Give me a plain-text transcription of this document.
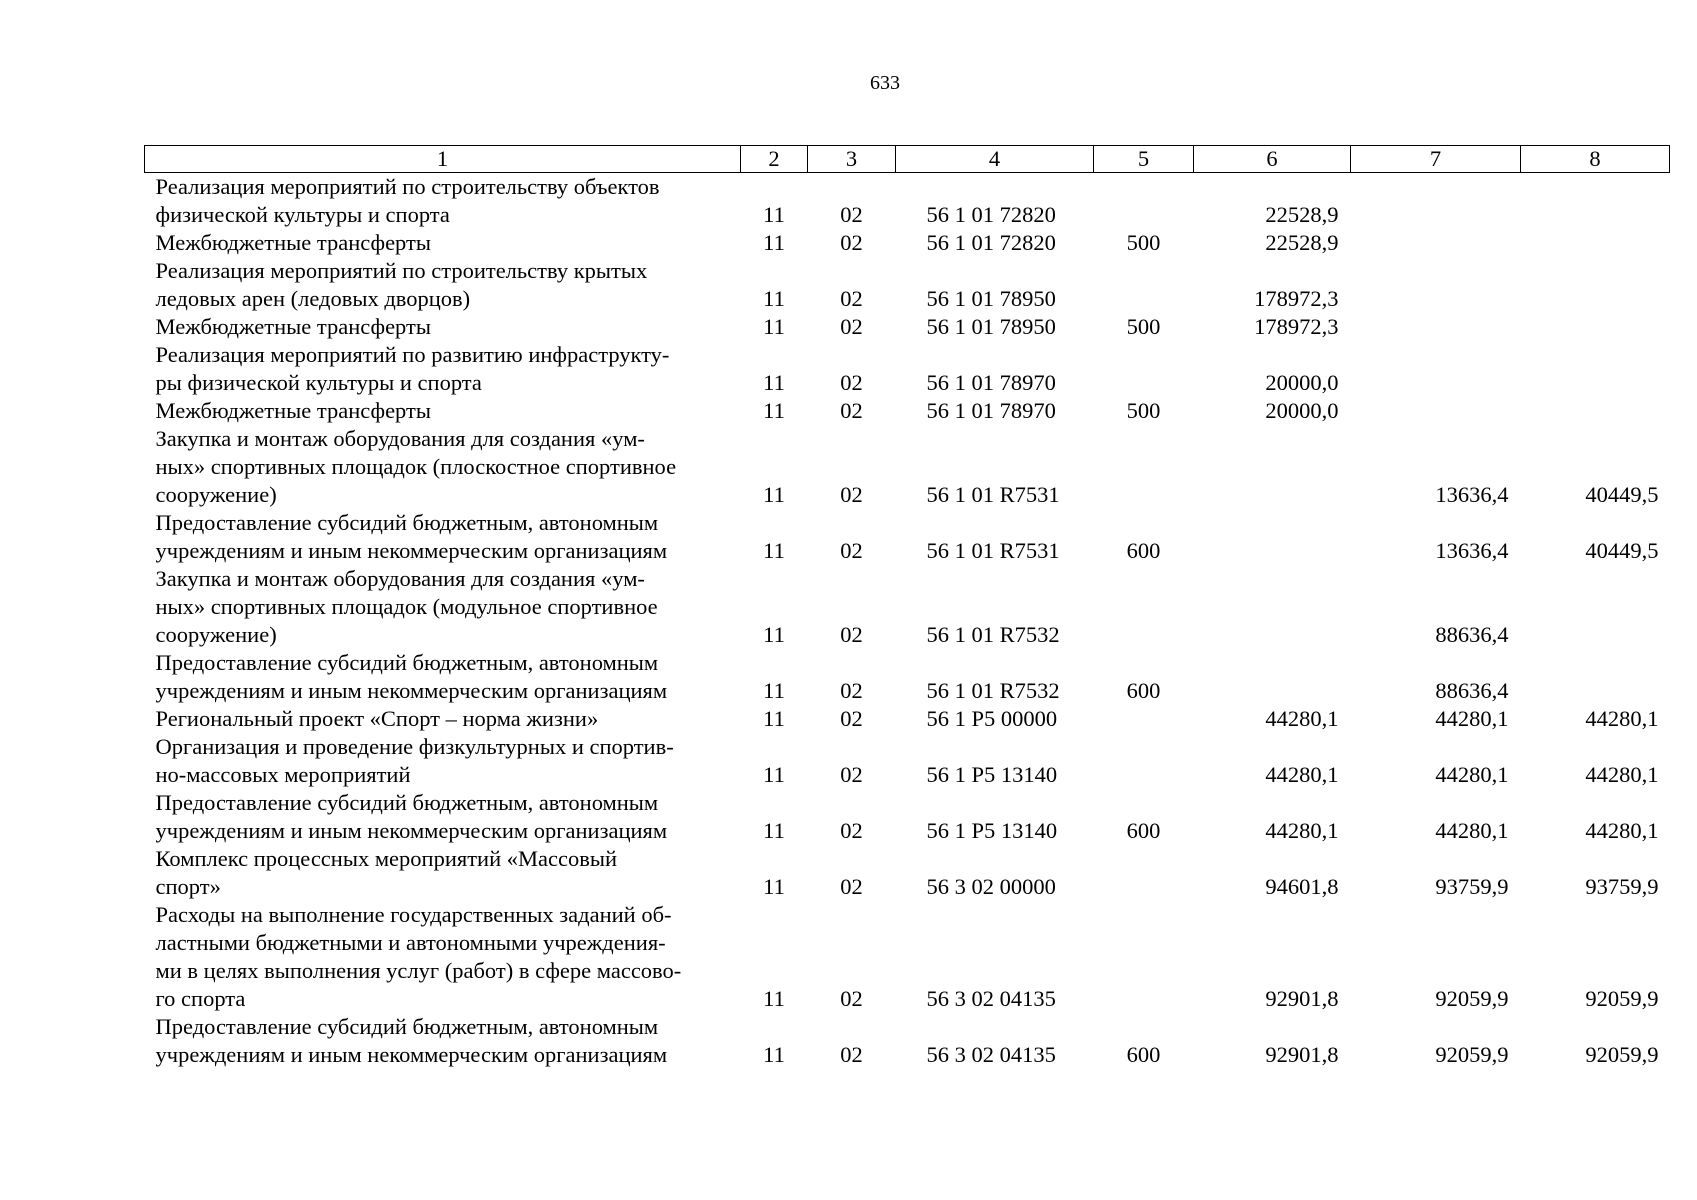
633
1	2	3	4	5	6	7	8
Реализация мероприятий по строительству объектов
физической культуры и спорта	11	02	56 1 01 72820		22528,9		
Межбюджетные трансферты	11	02	56 1 01 72820	500	22528,9		
Реализация мероприятий по строительству крытых
ледовых арен (ледовых дворцов)	11	02	56 1 01 78950		178972,3		
Межбюджетные трансферты	11	02	56 1 01 78950	500	178972,3		
Реализация мероприятий по развитию инфраструкту-
ры физической культуры и спорта	11	02	56 1 01 78970		20000,0		
Межбюджетные трансферты	11	02	56 1 01 78970	500	20000,0		
Закупка и монтаж оборудования для создания «ум-
ных» спортивных площадок (плоскостное спортивное
сооружение)	11	02	56 1 01 R7531			13636,4	40449,5
Предоставление субсидий бюджетным, автономным
учреждениям и иным некоммерческим организациям	11	02	56 1 01 R7531	600		13636,4	40449,5
Закупка и монтаж оборудования для создания «ум-
ных» спортивных площадок (модульное спортивное
сооружение)	11	02	56 1 01 R7532			88636,4	
Предоставление субсидий бюджетным, автономным
учреждениям и иным некоммерческим организациям	11	02	56 1 01 R7532	600		88636,4	
Региональный проект «Спорт – норма жизни»	11	02	56 1 P5 00000		44280,1	44280,1	44280,1
Организация и проведение физкультурных и спортив-
но-массовых мероприятий	11	02	56 1 P5 13140		44280,1	44280,1	44280,1
Предоставление субсидий бюджетным, автономным
учреждениям и иным некоммерческим организациям	11	02	56 1 P5 13140	600	44280,1	44280,1	44280,1
Комплекс процессных мероприятий «Массовый
спорт»	11	02	56 3 02 00000		94601,8	93759,9	93759,9
Расходы на выполнение государственных заданий об-
ластными бюджетными и автономными учреждения-
ми в целях выполнения услуг (работ) в сфере массово-
го спорта	11	02	56 3 02 04135		92901,8	92059,9	92059,9
Предоставление субсидий бюджетным, автономным
учреждениям и иным некоммерческим организациям	11	02	56 3 02 04135	600	92901,8	92059,9	92059,9
